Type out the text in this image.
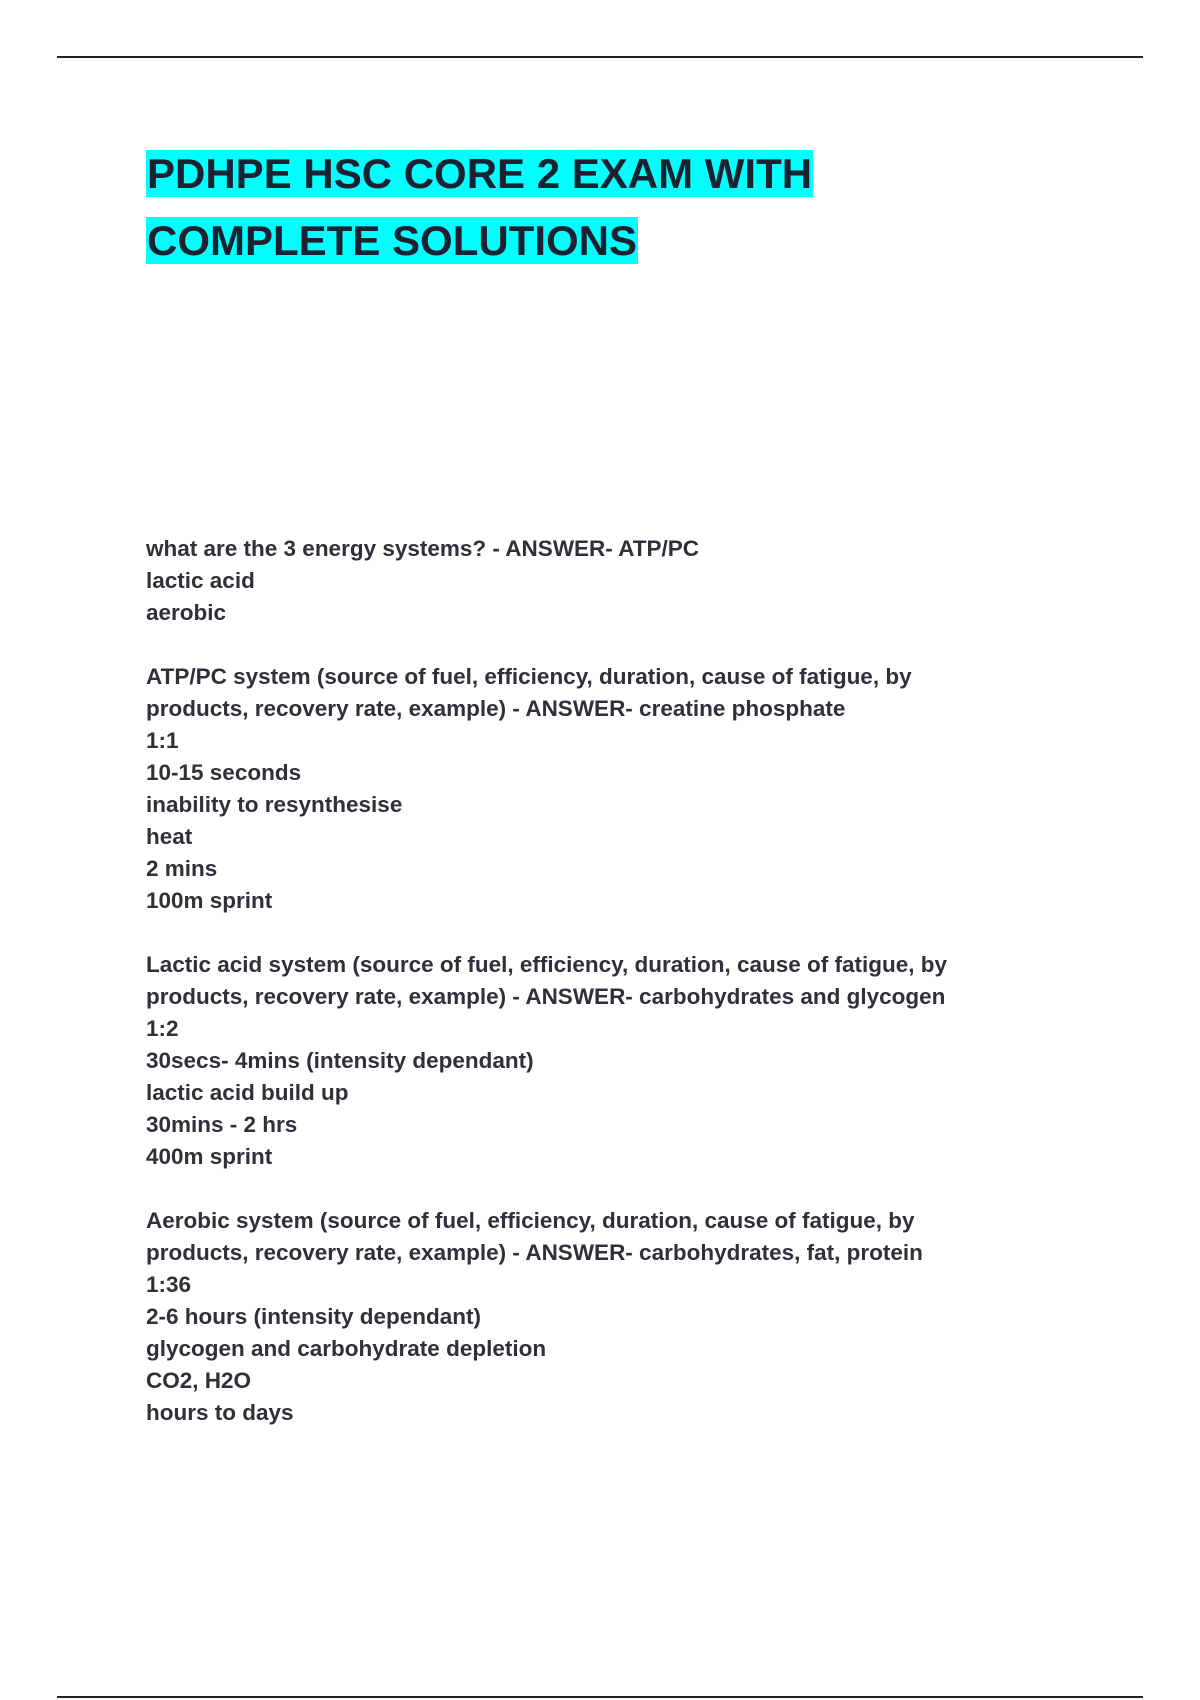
PDHPE HSC CORE 2 EXAM WITH
COMPLETE SOLUTIONS
what are the 3 energy systems? - ANSWER- ATP/PC
lactic acid
aerobic
ATP/PC system (source of fuel, efficiency, duration, cause of fatigue, by
products, recovery rate, example) - ANSWER- creatine phosphate
1:1
10-15 seconds
inability to resynthesise
heat
2 mins
100m sprint
Lactic acid system (source of fuel, efficiency, duration, cause of fatigue, by
products, recovery rate, example) - ANSWER- carbohydrates and glycogen
1:2
30secs- 4mins (intensity dependant)
lactic acid build up
30mins - 2 hrs
400m sprint
Aerobic system (source of fuel, efficiency, duration, cause of fatigue, by
products, recovery rate, example) - ANSWER- carbohydrates, fat, protein
1:36
2-6 hours (intensity dependant)
glycogen and carbohydrate depletion
CO2, H2O
hours to days
